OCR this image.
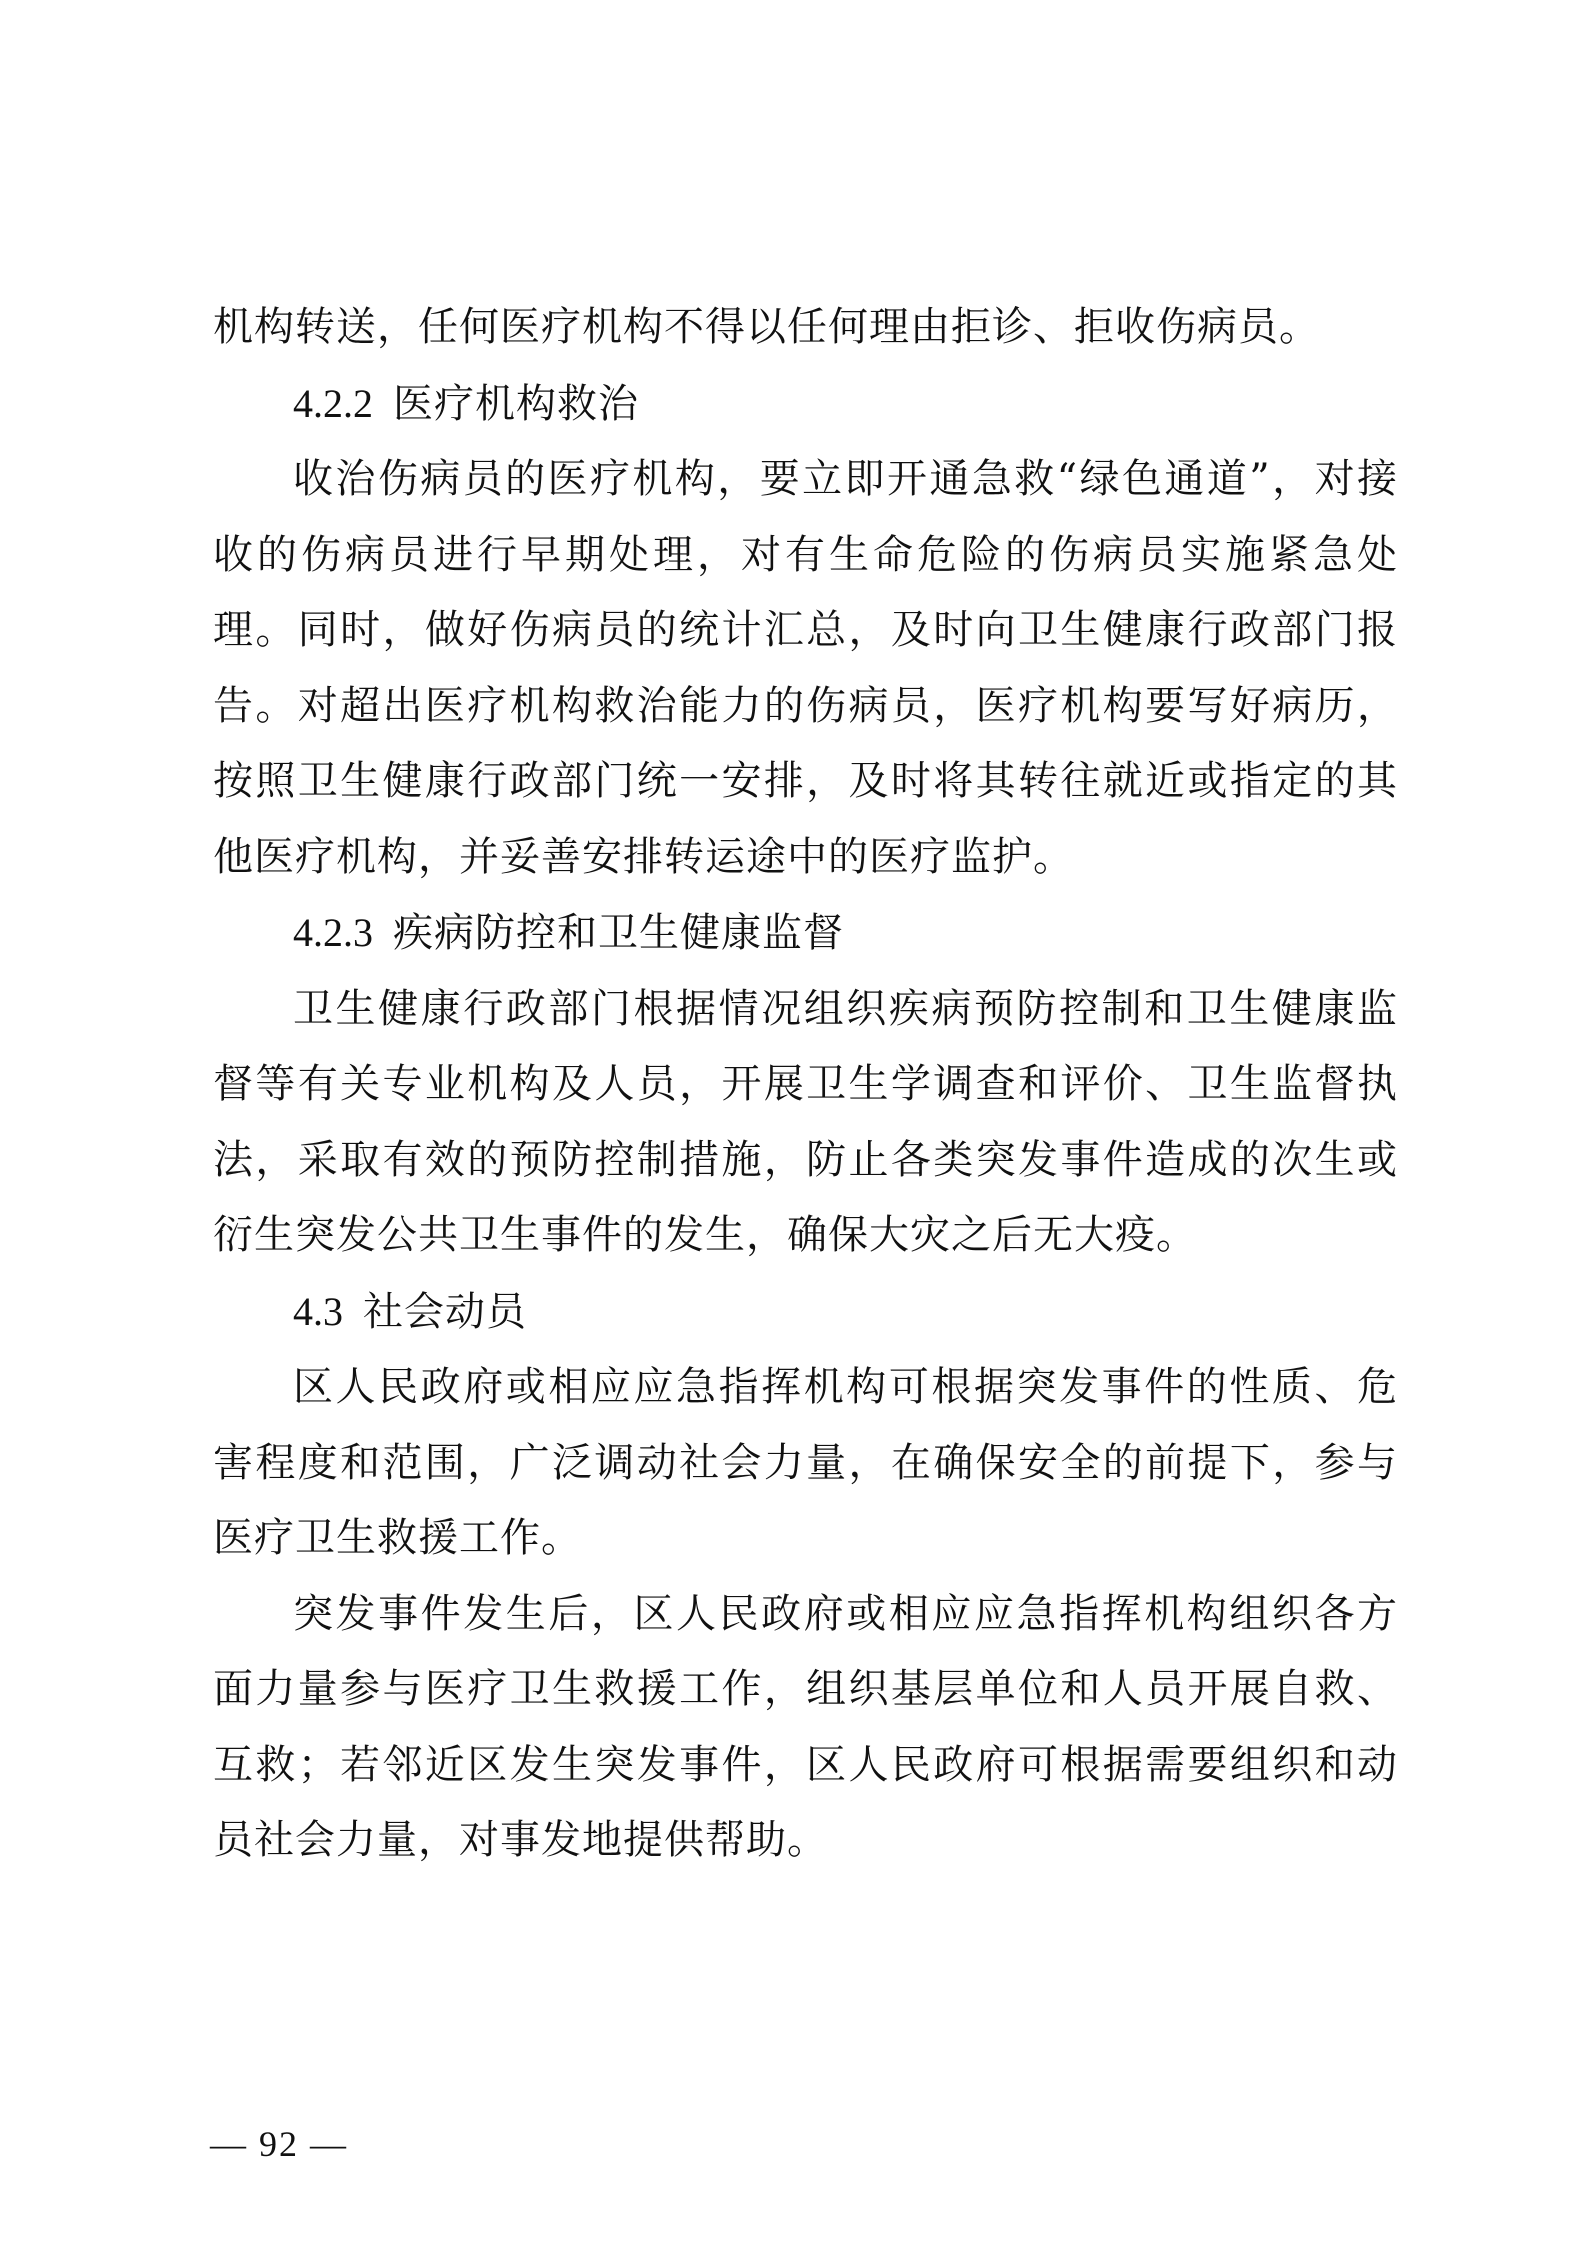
机构转送，任何医疗机构不得以任何理由拒诊、拒收伤病员。

4.2.2 医疗机构救治

收治伤病员的医疗机构，要立即开通急救“绿色通道”，对接收的伤病员进行早期处理，对有生命危险的伤病员实施紧急处理。同时，做好伤病员的统计汇总，及时向卫生健康行政部门报告。对超出医疗机构救治能力的伤病员，医疗机构要写好病历，按照卫生健康行政部门统一安排，及时将其转往就近或指定的其他医疗机构，并妥善安排转运途中的医疗监护。

4.2.3 疾病防控和卫生健康监督

卫生健康行政部门根据情况组织疾病预防控制和卫生健康监督等有关专业机构及人员，开展卫生学调查和评价、卫生监督执法，采取有效的预防控制措施，防止各类突发事件造成的次生或衍生突发公共卫生事件的发生，确保大灾之后无大疫。

4.3 社会动员

区人民政府或相应应急指挥机构可根据突发事件的性质、危害程度和范围，广泛调动社会力量，在确保安全的前提下，参与医疗卫生救援工作。

突发事件发生后，区人民政府或相应应急指挥机构组织各方面力量参与医疗卫生救援工作，组织基层单位和人员开展自救、互救；若邻近区发生突发事件，区人民政府可根据需要组织和动员社会力量，对事发地提供帮助。

— 92 —
